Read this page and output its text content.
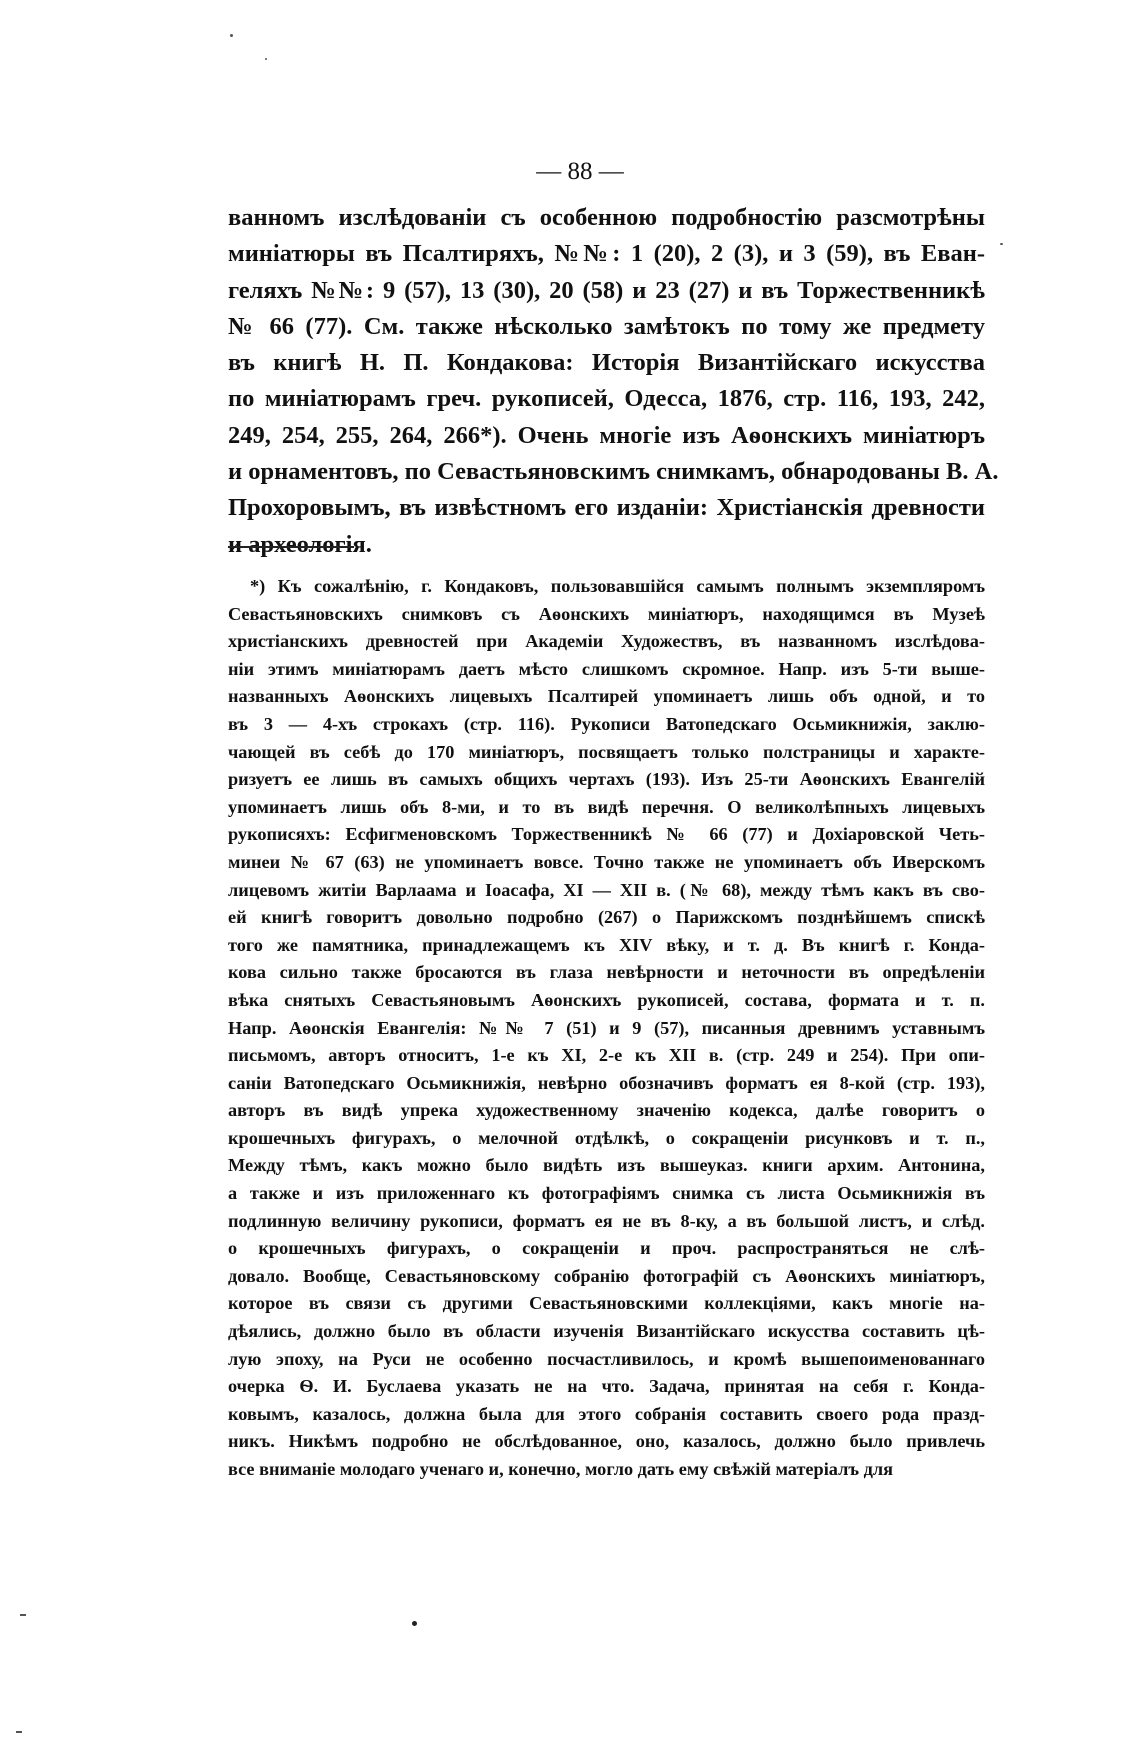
— 88 —
ванномъ изслѣдованіи съ особенною подробностію разсмотрѣны
миніатюры въ Псалтиряхъ, №№: 1 (20), 2 (3), и 3 (59), въ Еван-
геляхъ №№: 9 (57), 13 (30), 20 (58) и 23 (27) и въ Торжественникѣ
№ 66 (77). См. также нѣсколько замѣтокъ по тому же предмету
въ книгѣ Н. П. Кондакова: Исторія Византійскаго искусства
по миніатюрамъ греч. рукописей, Одесса, 1876, стр. 116, 193, 242,
249, 254, 255, 264, 266*). Очень многіе изъ Аѳонскихъ миніатюръ
и орнаментовъ, по Севастьяновскимъ снимкамъ, обнародованы В. А.
Прохоровымъ, въ извѣстномъ его изданіи: Христіанскія древности
и археологія.
*) Къ сожалѣнію, г. Кондаковъ, пользовавшійся самымъ полнымъ экземпляромъ
Севастьяновскихъ снимковъ съ Аѳонскихъ миніатюръ, находящимся въ Музеѣ
христіанскихъ древностей при Академіи Художествъ, въ названномъ изслѣдова-
ніи этимъ миніатюрамъ даетъ мѣсто слишкомъ скромное. Напр. изъ 5-ти выше-
названныхъ Аѳонскихъ лицевыхъ Псалтирей упоминаетъ лишь объ одной, и то
въ 3 — 4-хъ строкахъ (стр. 116). Рукописи Ватопедскаго Осьмикнижія, заклю-
чающей въ себѣ до 170 миніатюръ, посвящаетъ только полстраницы и характе-
ризуетъ ее лишь въ самыхъ общихъ чертахъ (193). Изъ 25-ти Аѳонскихъ Евангелій
упоминаетъ лишь объ 8-ми, и то въ видѣ перечня. О великолѣпныхъ лицевыхъ
рукописяхъ: Есфигменовскомъ Торжественникѣ № 66 (77) и Дохіаровской Четь-
минеи № 67 (63) не упоминаетъ вовсе. Точно также не упоминаетъ объ Иверскомъ
лицевомъ житіи Варлаама и Іоасафа, XI — XII в. (№ 68), между тѣмъ какъ въ сво-
ей книгѣ говоритъ довольно подробно (267) о Парижскомъ позднѣйшемъ спискѣ
того же памятника, принадлежащемъ къ XIV вѣку, и т. д. Въ книгѣ г. Конда-
кова сильно также бросаются въ глаза невѣрности и неточности въ опредѣленіи
вѣка снятыхъ Севастьяновымъ Аѳонскихъ рукописей, состава, формата и т. п.
Напр. Аѳонскія Евангелія: №№ 7 (51) и 9 (57), писанныя древнимъ уставнымъ
письмомъ, авторъ относитъ, 1-е къ XI, 2-е къ XII в. (стр. 249 и 254). При опи-
саніи Ватопедскаго Осьмикнижія, невѣрно обозначивъ форматъ ея 8-кой (стр. 193),
авторъ въ видѣ упрека художественному значенію кодекса, далѣе говоритъ о
крошечныхъ фигурахъ, о мелочной отдѣлкѣ, о сокращеніи рисунковъ и т. п.,
Между тѣмъ, какъ можно было видѣть изъ вышеуказ. книги архим. Антонина,
а также и изъ приложеннаго къ фотографіямъ снимка съ листа Осьмикнижія въ
подлинную величину рукописи, форматъ ея не въ 8-ку, а въ большой листъ, и слѣд.
о крошечныхъ фигурахъ, о сокращеніи и проч. распространяться не слѣ-
довало. Вообще, Севастьяновскому собранію фотографій съ Аѳонскихъ миніатюръ,
которое въ связи съ другими Севастьяновскими коллекціями, какъ многіе на-
дѣялись, должно было въ области изученія Византійскаго искусства составить цѣ-
лую эпоху, на Руси не особенно посчастливилось, и кромѣ вышепоименованнаго
очерка Ѳ. И. Буслаева указать не на что. Задача, принятая на себя г. Конда-
ковымъ, казалось, должна была для этого собранія составить своего рода празд-
никъ. Никѣмъ подробно не обслѣдованное, оно, казалось, должно было привлечь
все вниманіе молодаго ученаго и, конечно, могло дать ему свѣжій матеріалъ для
